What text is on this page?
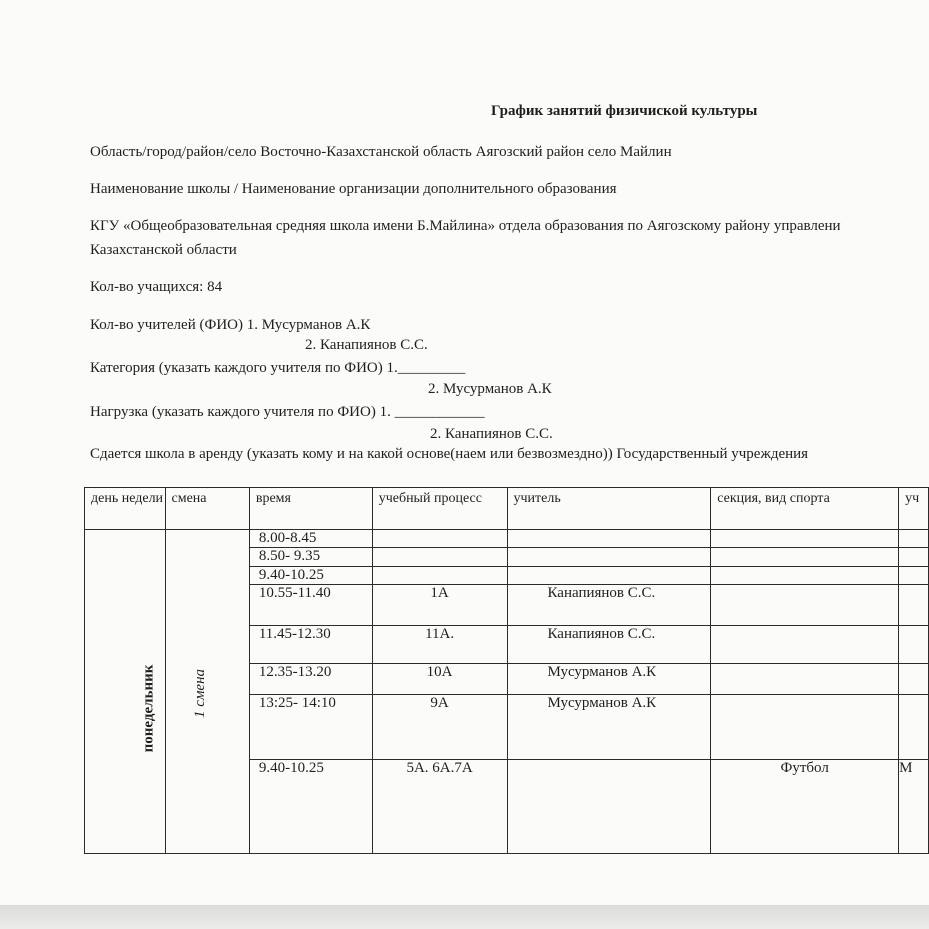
График занятий физичиской культуры
Область/город/район/село Восточно-Казахстанской область Аягозский район село Майлин
Наименование школы / Наименование организации дополнительного образования
КГУ «Общеобразовательная средняя школа имени Б.Майлина» отдела образования по Аягозскому району управлени
Казахстанской области
Кол-во учащихся: 84
Кол-во учителей (ФИО) 1. Мусурманов А.К
2. Канапиянов С.С.
Категория (указать каждого учителя по ФИО) 1._________
2. Мусурманов А.К
Нагрузка (указать каждого учителя по ФИО) 1. ____________
2. Канапиянов С.С.
Сдается школа в аренду (указать кому и на какой основе(наем или безвозмездно)) Государственный учреждения
день недели	смена	время	учебный процесс	учитель	секция, вид спорта	уч

понедельник	1 смена	8.00-8.45				
		8.50- 9.35				
		9.40-10.25				
		10.55-11.40	1A	Канапиянов С.С.		
		11.45-12.30	11A.	Канапиянов С.С.		
		12.35-13.20	10A	Мусурманов А.К		
		13:25- 14:10	9A	Мусурманов А.К		
		9.40-10.25	5A. 6A.7A		Футбол	М
